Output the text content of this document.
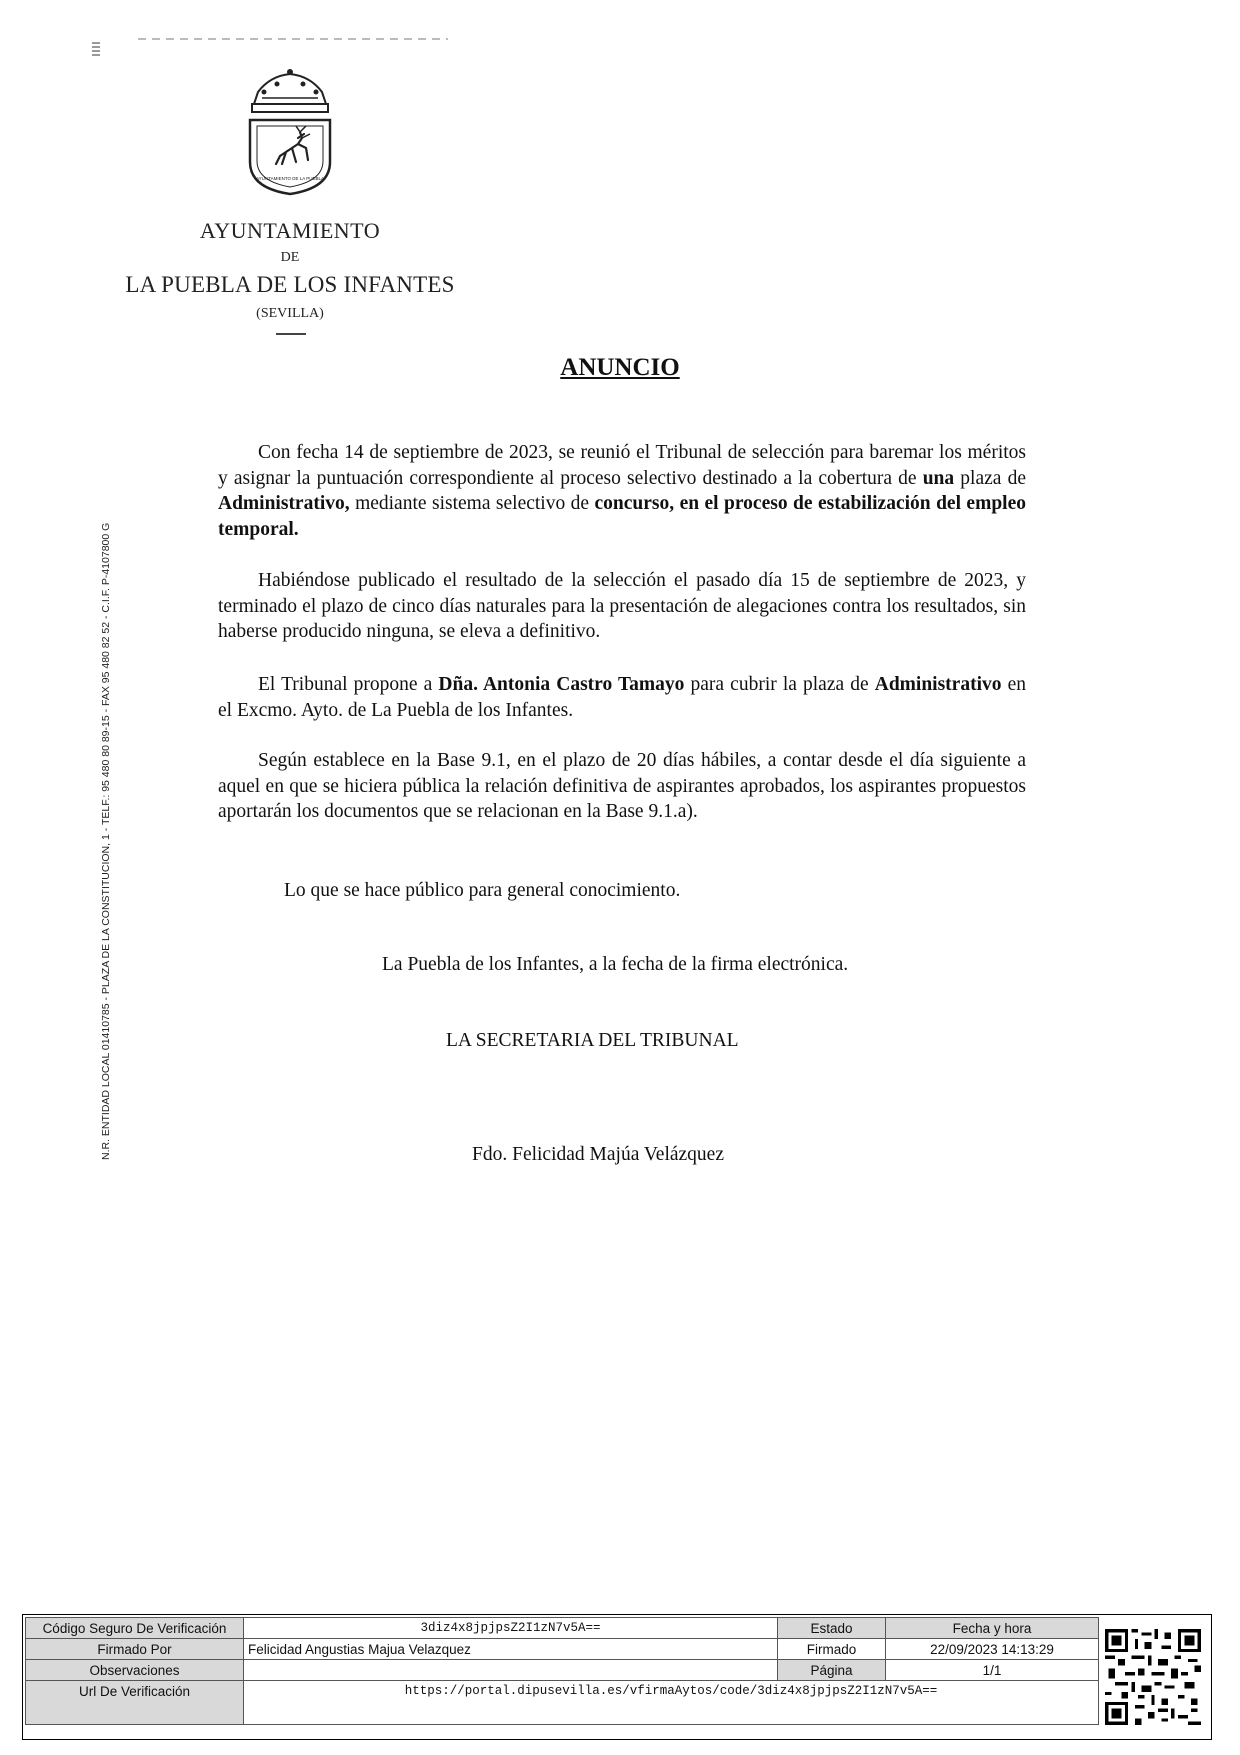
AYUNTAMIENTO DE LA PUEBLA
AYUNTAMIENTO
DE
LA PUEBLA DE LOS INFANTES
(SEVILLA)
N.R. ENTIDAD LOCAL 01410785 - PLAZA DE LA CONSTITUCION, 1 - TELF.: 95 480 80 89-15 - FAX 95 480 82 52 - C.I.F. P-4107800 G
ANUNCIO
Con fecha 14 de septiembre de 2023, se reunió el Tribunal de selección para baremar los méritos y asignar la puntuación correspondiente al proceso selectivo destinado a la cobertura de una plaza de Administrativo, mediante sistema selectivo de concurso, en el proceso de estabilización del empleo temporal.
Habiéndose publicado el resultado de la selección el pasado día 15 de septiembre de 2023, y terminado el plazo de cinco días naturales para la presentación de alegaciones contra los resultados, sin haberse producido ninguna, se eleva a definitivo.
El Tribunal propone a Dña. Antonia Castro Tamayo para cubrir la plaza de Administrativo en el Excmo. Ayto. de La Puebla de los Infantes.
Según establece en la Base 9.1, en el plazo de 20 días hábiles, a contar desde el día siguiente a aquel en que se hiciera pública la relación definitiva de aspirantes aprobados, los aspirantes propuestos aportarán los documentos que se relacionan en la Base 9.1.a).
Lo que se hace público para general conocimiento.
La Puebla de los Infantes, a la fecha de la firma electrónica.
LA SECRETARIA DEL TRIBUNAL
Fdo. Felicidad Majúa Velázquez
Código Seguro De Verificación	3diz4x8jpjpsZ2I1zN7v5A==	Estado	Fecha y hora
Firmado Por	Felicidad Angustias Majua Velazquez	Firmado	22/09/2023 14:13:29
Observaciones		Página	1/1
Url De Verificación	https://portal.dipusevilla.es/vfirmaAytos/code/3diz4x8jpjpsZ2I1zN7v5A==		
